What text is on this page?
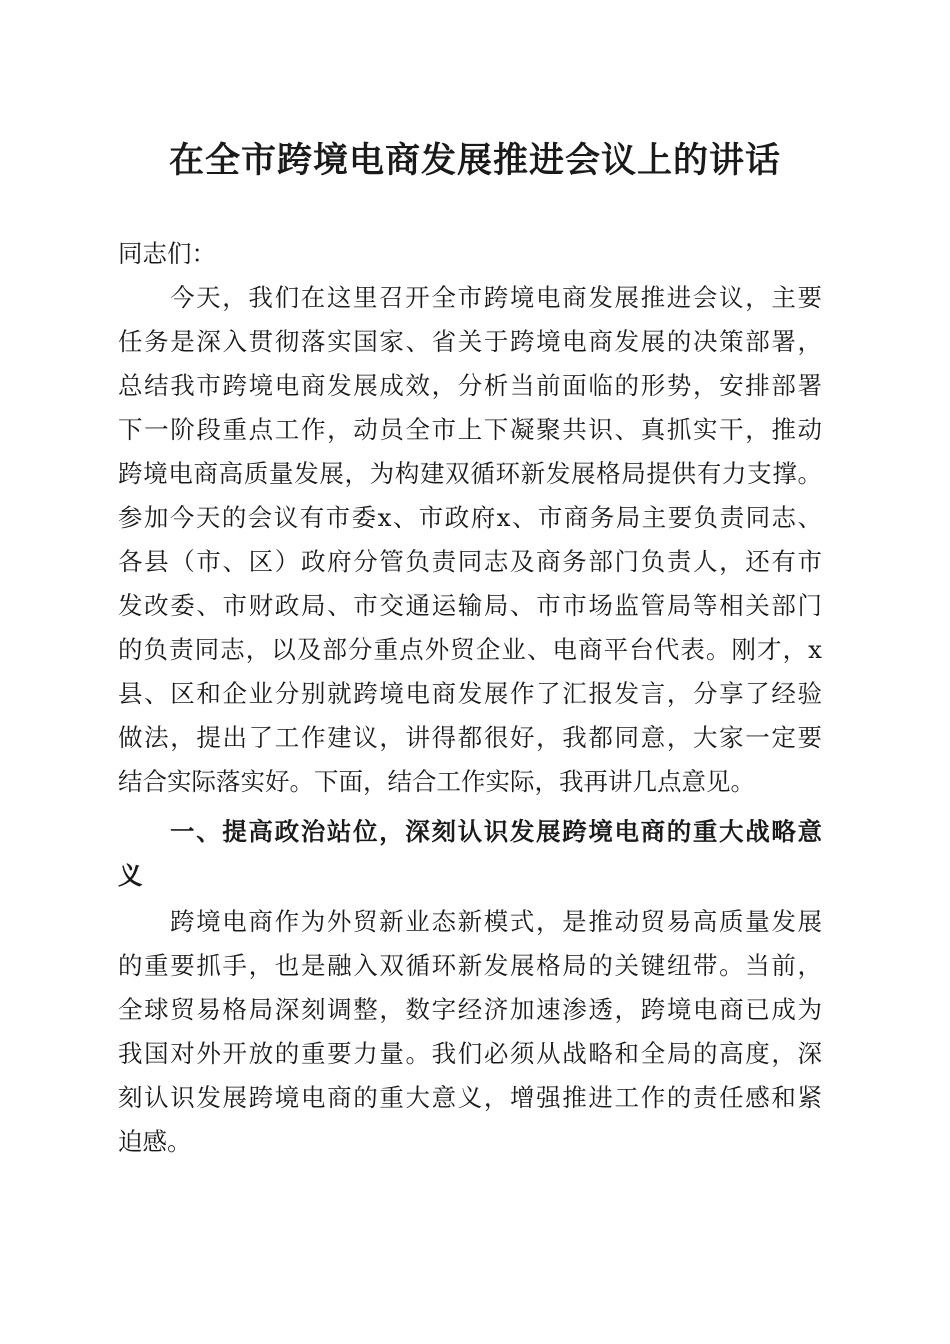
在全市跨境电商发展推进会议上的讲话

同志们：

今天，我们在这里召开全市跨境电商发展推进会议，主要

任务是深入贯彻落实国家、省关于跨境电商发展的决策部署，

总结我市跨境电商发展成效，分析当前面临的形势，安排部署

下一阶段重点工作，动员全市上下凝聚共识、真抓实干，推动

跨境电商高质量发展，为构建双循环新发展格局提供有力支撑。

参加今天的会议有市委x、市政府x、市商务局主要负责同志、

各县（市、区）政府分管负责同志及商务部门负责人，还有市

发改委、市财政局、市交通运输局、市市场监管局等相关部门

的负责同志，以及部分重点外贸企业、电商平台代表。刚才，x

县、区和企业分别就跨境电商发展作了汇报发言，分享了经验

做法，提出了工作建议，讲得都很好，我都同意，大家一定要

结合实际落实好。下面，结合工作实际，我再讲几点意见。

一、提高政治站位，深刻认识发展跨境电商的重大战略意

义

跨境电商作为外贸新业态新模式，是推动贸易高质量发展

的重要抓手，也是融入双循环新发展格局的关键纽带。当前，

全球贸易格局深刻调整，数字经济加速渗透，跨境电商已成为

我国对外开放的重要力量。我们必须从战略和全局的高度，深

刻认识发展跨境电商的重大意义，增强推进工作的责任感和紧

迫感。
